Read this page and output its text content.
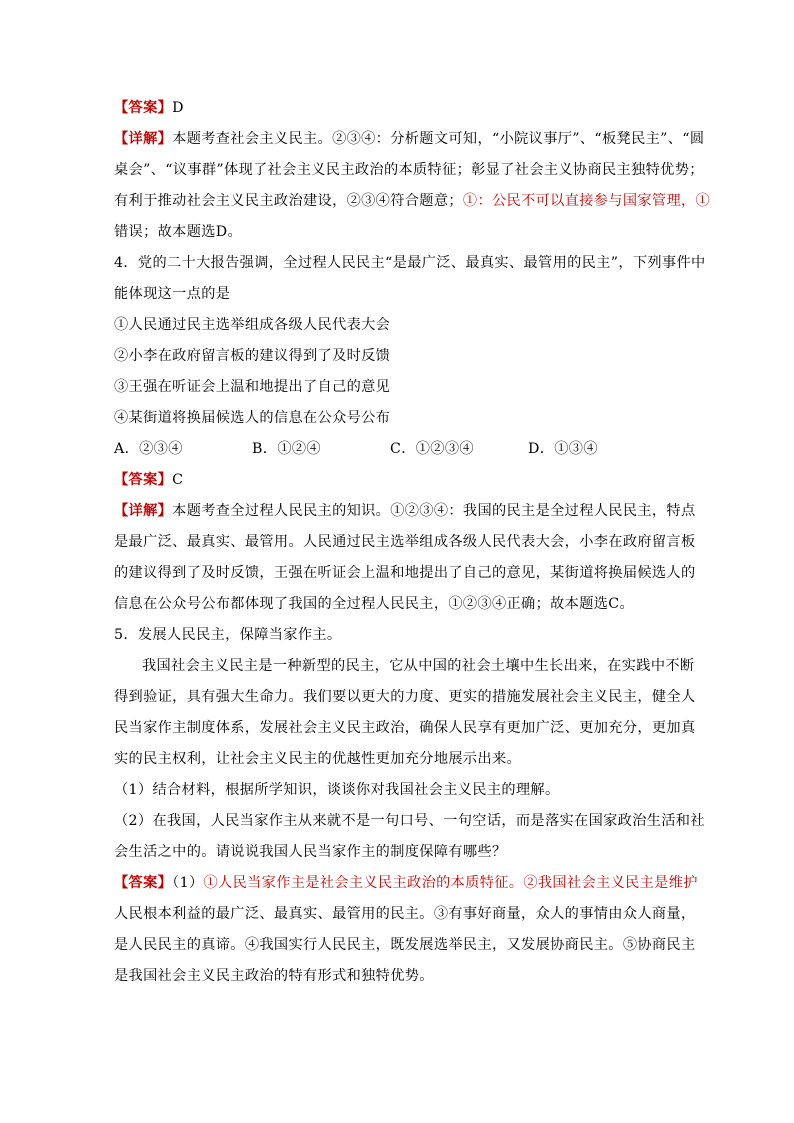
【答案】D

【详解】本题考查社会主义民主。②③④：分析题文可知，“小院议事厅”、“板凳民主”、“圆

桌会”、“议事群”体现了社会主义民主政治的本质特征；彰显了社会主义协商民主独特优势；

有利于推动社会主义民主政治建设，②③④符合题意；①：公民不可以直接参与国家管理，①

错误；故本题选D。

4．党的二十大报告强调，全过程人民民主“是最广泛、最真实、最管用的民主”，下列事件中

能体现这一点的是

①人民通过民主选举组成各级人民代表大会

②小李在政府留言板的建议得到了及时反馈

③王强在听证会上温和地提出了自己的意见

④某街道将换届候选人的信息在公众号公布

A．②③④	B．①②④	C．①②③④	D．①③④

【答案】C

【详解】本题考查全过程人民民主的知识。①②③④：我国的民主是全过程人民民主，特点

是最广泛、最真实、最管用。人民通过民主选举组成各级人民代表大会，小李在政府留言板

的建议得到了及时反馈，王强在听证会上温和地提出了自己的意见，某街道将换届候选人的

信息在公众号公布都体现了我国的全过程人民民主，①②③④正确；故本题选C。

5．发展人民民主，保障当家作主。

我国社会主义民主是一种新型的民主，它从中国的社会土壤中生长出来，在实践中不断

得到验证，具有强大生命力。我们要以更大的力度、更实的措施发展社会主义民主，健全人

民当家作主制度体系，发展社会主义民主政治，确保人民享有更加广泛、更加充分，更加真

实的民主权利，让社会主义民主的优越性更加充分地展示出来。

（1）结合材料，根据所学知识，谈谈你对我国社会主义民主的理解。

（2）在我国，人民当家作主从来就不是一句口号、一句空话，而是落实在国家政治生活和社

会生活之中的。请说说我国人民当家作主的制度保障有哪些？

【答案】（1）①人民当家作主是社会主义民主政治的本质特征。②我国社会主义民主是维护

人民根本利益的最广泛、最真实、最管用的民主。③有事好商量，众人的事情由众人商量，

是人民民主的真谛。④我国实行人民民主，既发展选举民主，又发展协商民主。⑤协商民主

是我国社会主义民主政治的特有形式和独特优势。
